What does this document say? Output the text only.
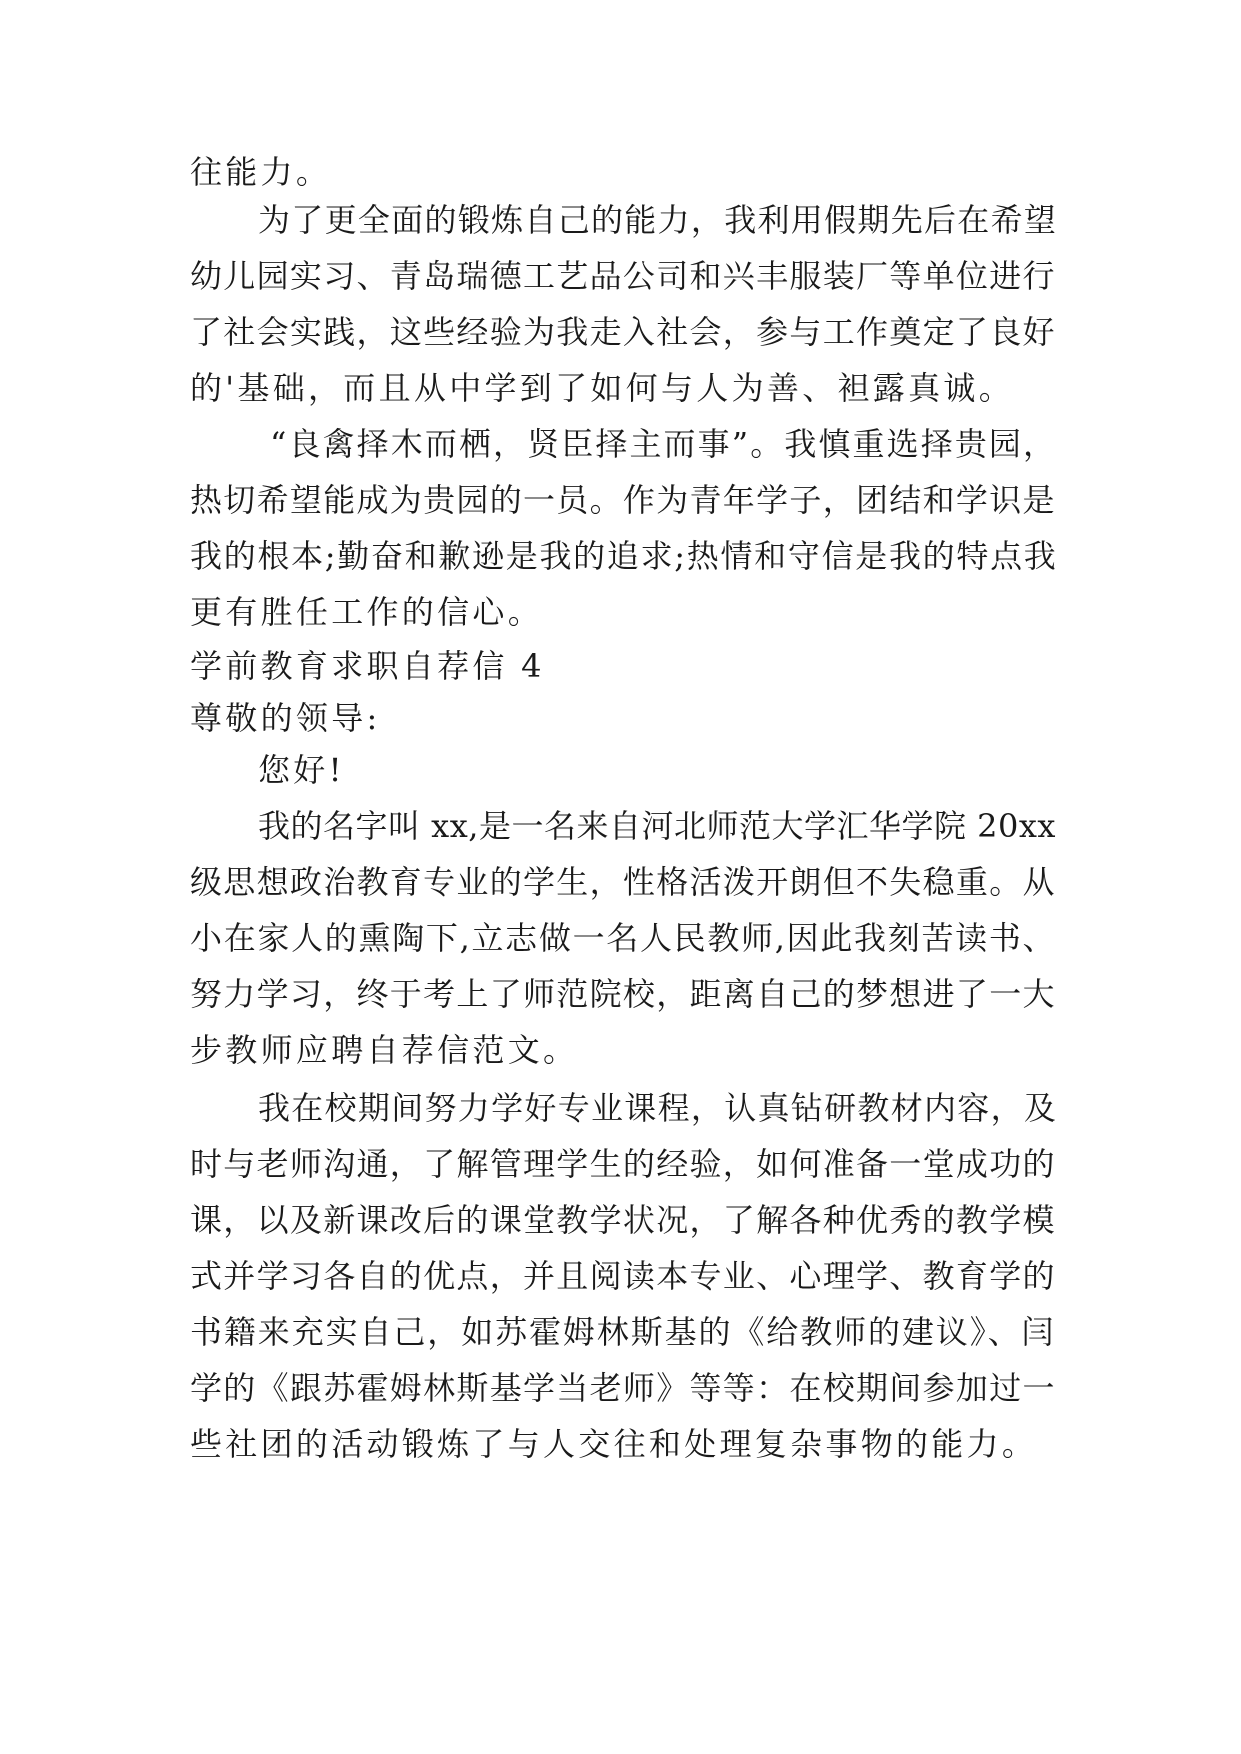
往能力。
为了更全面的锻炼自己的能力，我利用假期先后在希望
幼儿园实习、青岛瑞德工艺品公司和兴丰服装厂等单位进行
了社会实践，这些经验为我走入社会，参与工作奠定了良好
的'基础，而且从中学到了如何与人为善、袒露真诚。
“良禽择木而栖，贤臣择主而事”。我慎重选择贵园，
热切希望能成为贵园的一员。作为青年学子，团结和学识是
我的根本;勤奋和歉逊是我的追求;热情和守信是我的特点我
更有胜任工作的信心。
学前教育求职自荐信 4
尊敬的领导:
您好!
我的名字叫 xx,是一名来自河北师范大学汇华学院 20xx
级思想政治教育专业的学生，性格活泼开朗但不失稳重。从
小在家人的熏陶下,立志做一名人民教师,因此我刻苦读书、
努力学习，终于考上了师范院校，距离自己的梦想进了一大
步教师应聘自荐信范文。
我在校期间努力学好专业课程，认真钻研教材内容，及
时与老师沟通，了解管理学生的经验，如何准备一堂成功的
课，以及新课改后的课堂教学状况，了解各种优秀的教学模
式并学习各自的优点，并且阅读本专业、心理学、教育学的
书籍来充实自己，如苏霍姆林斯基的《给教师的建议》、闫
学的《跟苏霍姆林斯基学当老师》等等：在校期间参加过一
些社团的活动锻炼了与人交往和处理复杂事物的能力。
